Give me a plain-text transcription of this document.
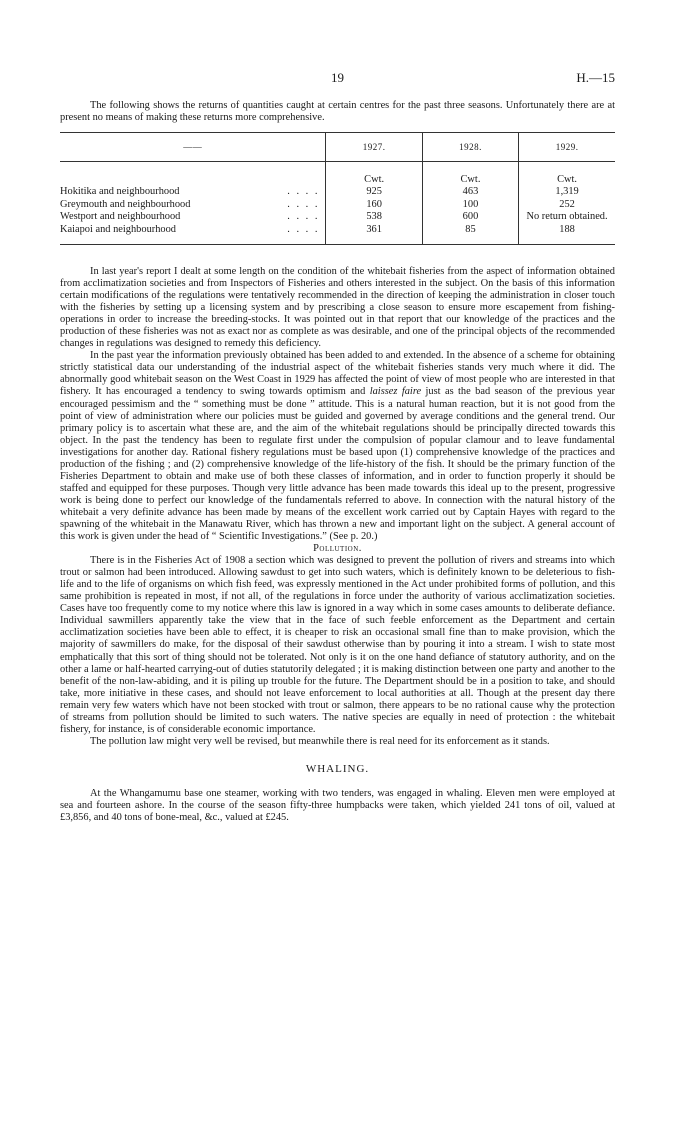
19	H.—15

The following shows the returns of quantities caught at certain centres for the past three seasons. Unfortunately there are at present no means of making these returns more comprehensive.

——	1927.	1928.	1929.
	Cwt.	Cwt.	Cwt.
Hokitika and neighbourhood . . . .	925	463	1,319
Greymouth and neighbourhood . . . .	160	100	252
Westport and neighbourhood . . . .	538	600	No return obtained.
Kaiapoi and neighbourhood . . . .	361	85	188

In last year's report I dealt at some length on the condition of the whitebait fisheries from the aspect of information obtained from acclimatization societies and from Inspectors of Fisheries and others interested in the subject. On the basis of this information certain modifications of the regulations were tentatively recommended in the direction of keeping the administration in closer touch with the fisheries by setting up a licensing system and by prescribing a close season to ensure more escapement from fishing-operations in order to increase the breeding-stocks. It was pointed out in that report that our knowledge of the practices and the production of these fisheries was not as exact nor as complete as was desirable, and one of the principal objects of the recommended changes in regulations was designed to remedy this deficiency.

In the past year the information previously obtained has been added to and extended. In the absence of a scheme for obtaining strictly statistical data our understanding of the industrial aspect of the whitebait fisheries stands very much where it did. The abnormally good whitebait season on the West Coast in 1929 has affected the point of view of most people who are interested in that fishery. It has encouraged a tendency to swing towards optimism and laissez faire just as the bad season of the previous year encouraged pessimism and the “ something must be done ” attitude. This is a natural human reaction, but it is not good from the point of view of administration where our policies must be guided and governed by average conditions and the general trend. Our primary policy is to ascertain what these are, and the aim of the whitebait regulations should be principally directed towards this object. In the past the tendency has been to regulate first under the compulsion of popular clamour and to leave fundamental investigations for another day. Rational fishery regulations must be based upon (1) comprehensive knowledge of the practices and production of the fishing ; and (2) comprehensive knowledge of the life-history of the fish. It should be the primary function of the Fisheries Department to obtain and make use of both these classes of information, and in order to function properly it should be staffed and equipped for these purposes. Though very little advance has been made towards this ideal up to the present, progressive work is being done to perfect our knowledge of the fundamentals referred to above. In connection with the natural history of the whitebait a very definite advance has been made by means of the excellent work carried out by Captain Hayes with regard to the spawning of the whitebait in the Manawatu River, which has thrown a new and important light on the subject. A general account of this work is given under the head of “ Scientific Investigations.” (See p. 20.)

Pollution.

There is in the Fisheries Act of 1908 a section which was designed to prevent the pollution of rivers and streams into which trout or salmon had been introduced. Allowing sawdust to get into such waters, which is definitely known to be deleterious to fish-life and to the life of organisms on which fish feed, was expressly mentioned in the Act under prohibited forms of pollution, and this same prohibition is repeated in most, if not all, of the regulations in force under the authority of various acclimatization societies. Cases have too frequently come to my notice where this law is ignored in a way which in some cases amounts to deliberate defiance. Individual sawmillers apparently take the view that in the face of such feeble enforcement as the Department and certain acclimatization societies have been able to effect, it is cheaper to risk an occasional small fine than to make provision, which the majority of sawmillers do make, for the disposal of their sawdust otherwise than by pouring it into a stream. I wish to state most emphatically that this sort of thing should not be tolerated. Not only is it on the one hand defiance of statutory authority, and on the other a lame or half-hearted carrying-out of duties statutorily delegated ; it is making distinction between one party and another to the benefit of the non-law-abiding, and it is piling up trouble for the future. The Department should be in a position to take, and should take, more initiative in these cases, and should not leave enforcement to local authorities at all. Though at the present day there remain very few waters which have not been stocked with trout or salmon, there appears to be no rational cause why the protection of streams from pollution should be limited to such waters. The native species are equally in need of protection : the whitebait fishery, for instance, is of considerable economic importance.

The pollution law might very well be revised, but meanwhile there is real need for its enforcement as it stands.

WHALING.

At the Whangamumu base one steamer, working with two tenders, was engaged in whaling. Eleven men were employed at sea and fourteen ashore. In the course of the season fifty-three humpbacks were taken, which yielded 241 tons of oil, valued at £3,856, and 40 tons of bone-meal, &c., valued at £245.
